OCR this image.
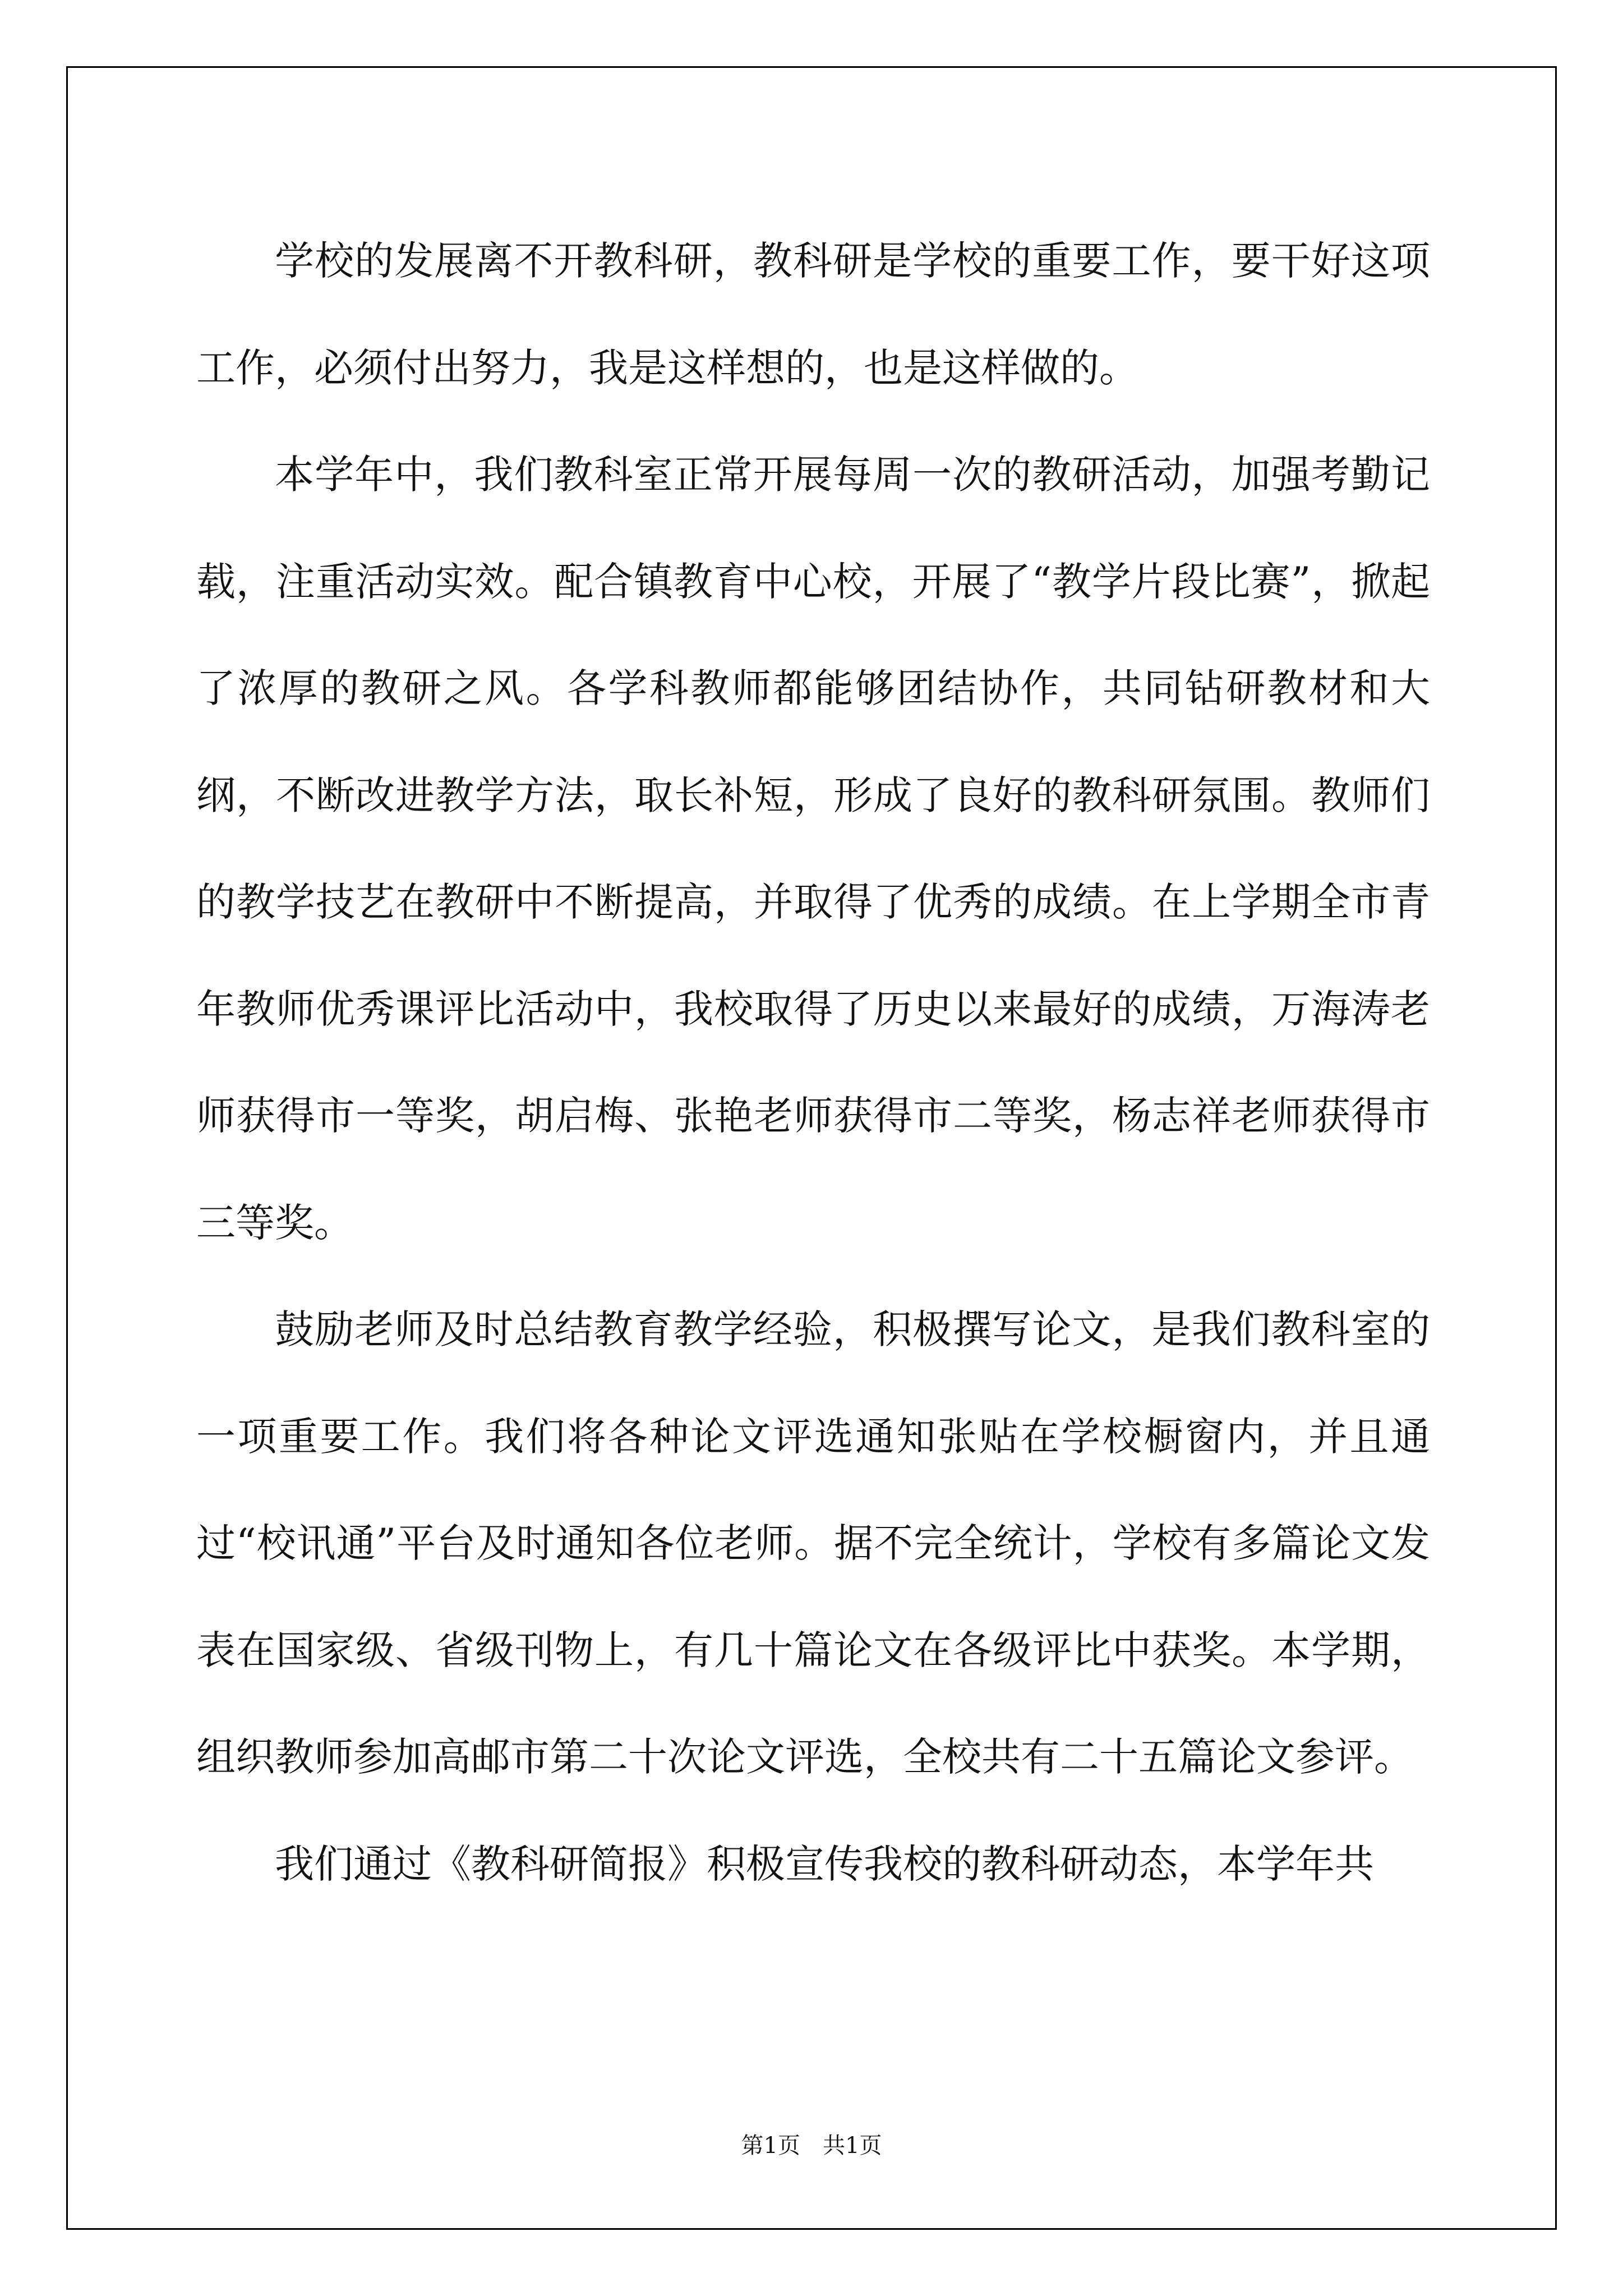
学校的发展离不开教科研，教科研是学校的重要工作，要干好这项工作，必须付出努力，我是这样想的，也是这样做的。

本学年中，我们教科室正常开展每周一次的教研活动，加强考勤记载，注重活动实效。配合镇教育中心校，开展了“教学片段比赛”，掀起了浓厚的教研之风。各学科教师都能够团结协作，共同钻研教材和大纲，不断改进教学方法，取长补短，形成了良好的教科研氛围。教师们的教学技艺在教研中不断提高，并取得了优秀的成绩。在上学期全市青年教师优秀课评比活动中，我校取得了历史以来最好的成绩，万海涛老师获得市一等奖，胡启梅、张艳老师获得市二等奖，杨志祥老师获得市三等奖。

鼓励老师及时总结教育教学经验，积极撰写论文，是我们教科室的一项重要工作。我们将各种论文评选通知张贴在学校橱窗内，并且通过“校讯通”平台及时通知各位老师。据不完全统计，学校有多篇论文发表在国家级、省级刊物上，有几十篇论文在各级评比中获奖。本学期，组织教师参加高邮市第二十次论文评选，全校共有二十五篇论文参评。

我们通过《教科研简报》积极宣传我校的教科研动态，本学年共

第1页 共1页
